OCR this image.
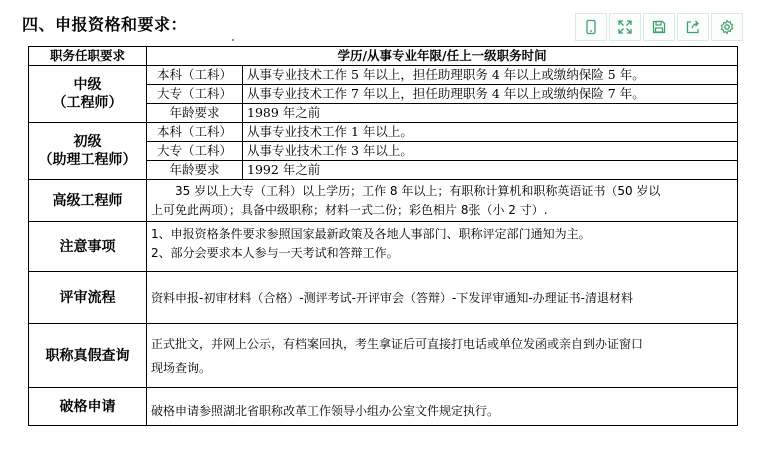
四、申报资格和要求：
职务任职要求	学历/从事专业年限/任上一级职务时间	
中级
（工程师）	本科（工科）	从事专业技术工作 5 年以上，担任助理职务 4 年以上或缴纳保险 5 年。
	大专（工科）	从事专业技术工作 7 年以上，担任助理职务 4 年以上或缴纳保险 7 年。
	年龄要求	1989 年之前
初级
（助理工程师）	本科（工科）	从事专业技术工作 1 年以上。
	大专（工科）	从事专业技术工作 3 年以上。
	年龄要求	1992 年之前
高级工程师	35 岁以上大专（工科）以上学历；工作 8 年以上；有职称计算机和职称英语证书（50 岁以
上可免此两项）；具备中级职称；材料一式二份；彩色相片 8张（小 2 寸）.	

注意事项	1、申报资格条件要求参照国家最新政策及各地人事部门、职称评定部门通知为主。
2、部分会要求本人参与一天考试和答辩工作。	

评审流程	资料申报-初审材料（合格）-测评考试-开评审会（答辩）-下发评审通知-办理证书-清退材料	
职称真假查询	正式批文，并网上公示，有档案回执，考生拿证后可直接打电话或单位发函或亲自到办证窗口
现场查询。	

破格申请	破格申请参照湖北省职称改革工作领导小组办公室文件规定执行。	
